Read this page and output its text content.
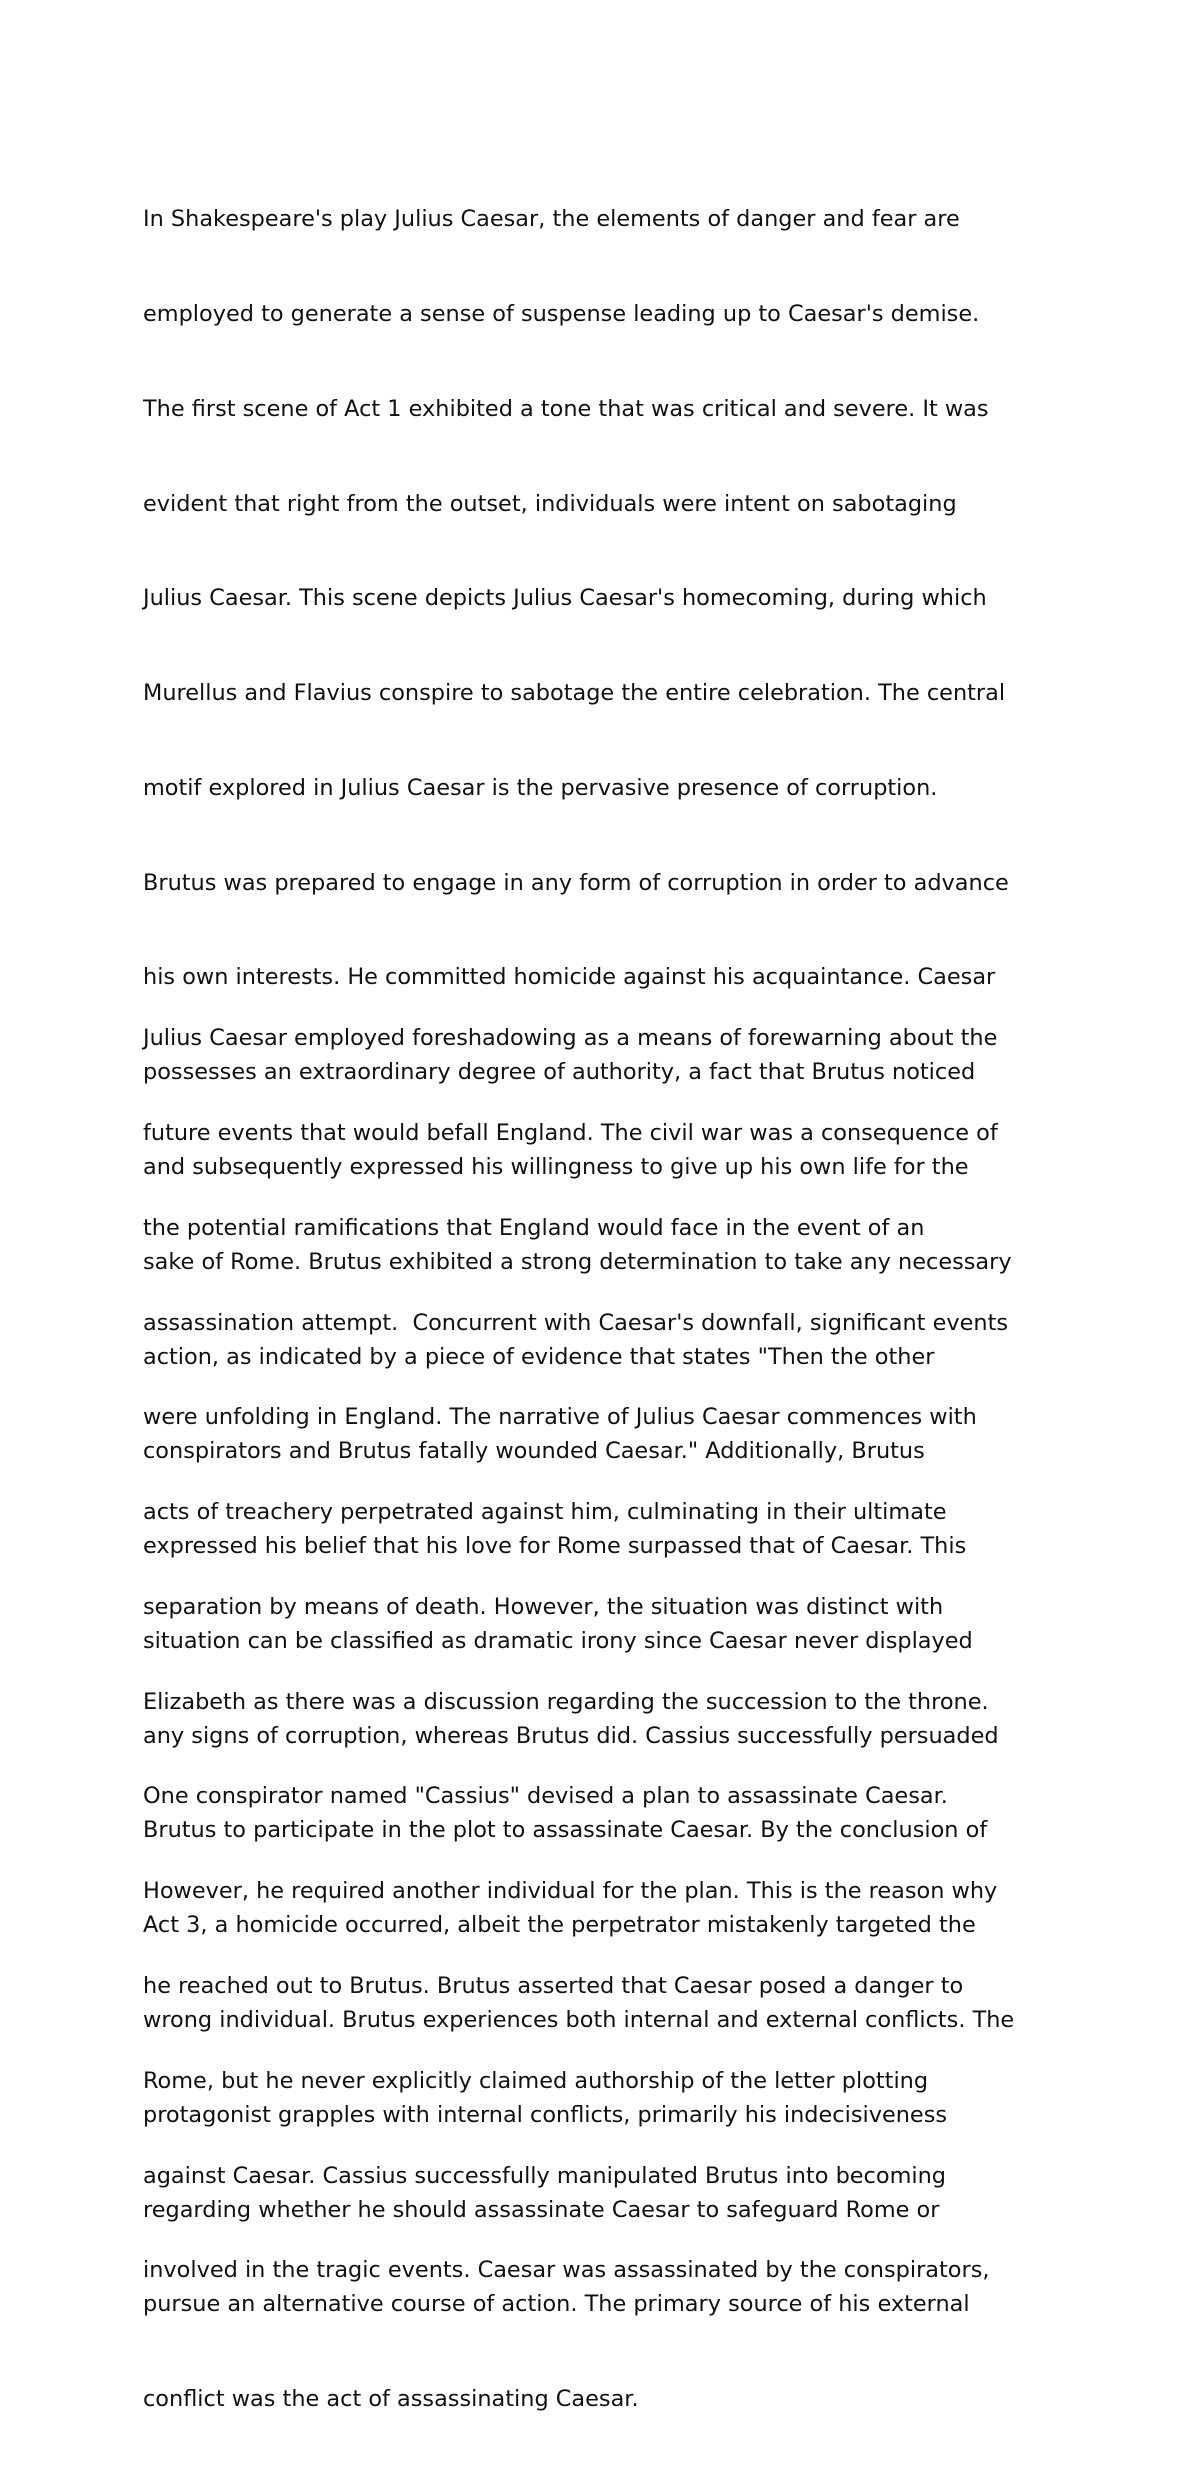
In Shakespeare's play Julius Caesar, the elements of danger and fear are

employed to generate a sense of suspense leading up to Caesar's demise.

The first scene of Act 1 exhibited a tone that was critical and severe. It was

evident that right from the outset, individuals were intent on sabotaging

Julius Caesar. This scene depicts Julius Caesar's homecoming, during which

Murellus and Flavius conspire to sabotage the entire celebration. The central

motif explored in Julius Caesar is the pervasive presence of corruption.

Brutus was prepared to engage in any form of corruption in order to advance

his own interests. He committed homicide against his acquaintance. Caesar

possesses an extraordinary degree of authority, a fact that Brutus noticed

and subsequently expressed his willingness to give up his own life for the

sake of Rome. Brutus exhibited a strong determination to take any necessary

action, as indicated by a piece of evidence that states "Then the other

conspirators and Brutus fatally wounded Caesar." Additionally, Brutus

expressed his belief that his love for Rome surpassed that of Caesar. This

situation can be classified as dramatic irony since Caesar never displayed

any signs of corruption, whereas Brutus did. Cassius successfully persuaded

Brutus to participate in the plot to assassinate Caesar. By the conclusion of

Act 3, a homicide occurred, albeit the perpetrator mistakenly targeted the

wrong individual. Brutus experiences both internal and external conflicts. The

protagonist grapples with internal conflicts, primarily his indecisiveness

regarding whether he should assassinate Caesar to safeguard Rome or

pursue an alternative course of action. The primary source of his external

conflict was the act of assassinating Caesar.

Julius Caesar employed foreshadowing as a means of forewarning about the

future events that would befall England. The civil war was a consequence of

the potential ramifications that England would face in the event of an

assassination attempt.  Concurrent with Caesar's downfall, significant events

were unfolding in England. The narrative of Julius Caesar commences with

acts of treachery perpetrated against him, culminating in their ultimate

separation by means of death. However, the situation was distinct with

Elizabeth as there was a discussion regarding the succession to the throne.

One conspirator named "Cassius" devised a plan to assassinate Caesar.

However, he required another individual for the plan. This is the reason why

he reached out to Brutus. Brutus asserted that Caesar posed a danger to

Rome, but he never explicitly claimed authorship of the letter plotting

against Caesar. Cassius successfully manipulated Brutus into becoming

involved in the tragic events. Caesar was assassinated by the conspirators,
